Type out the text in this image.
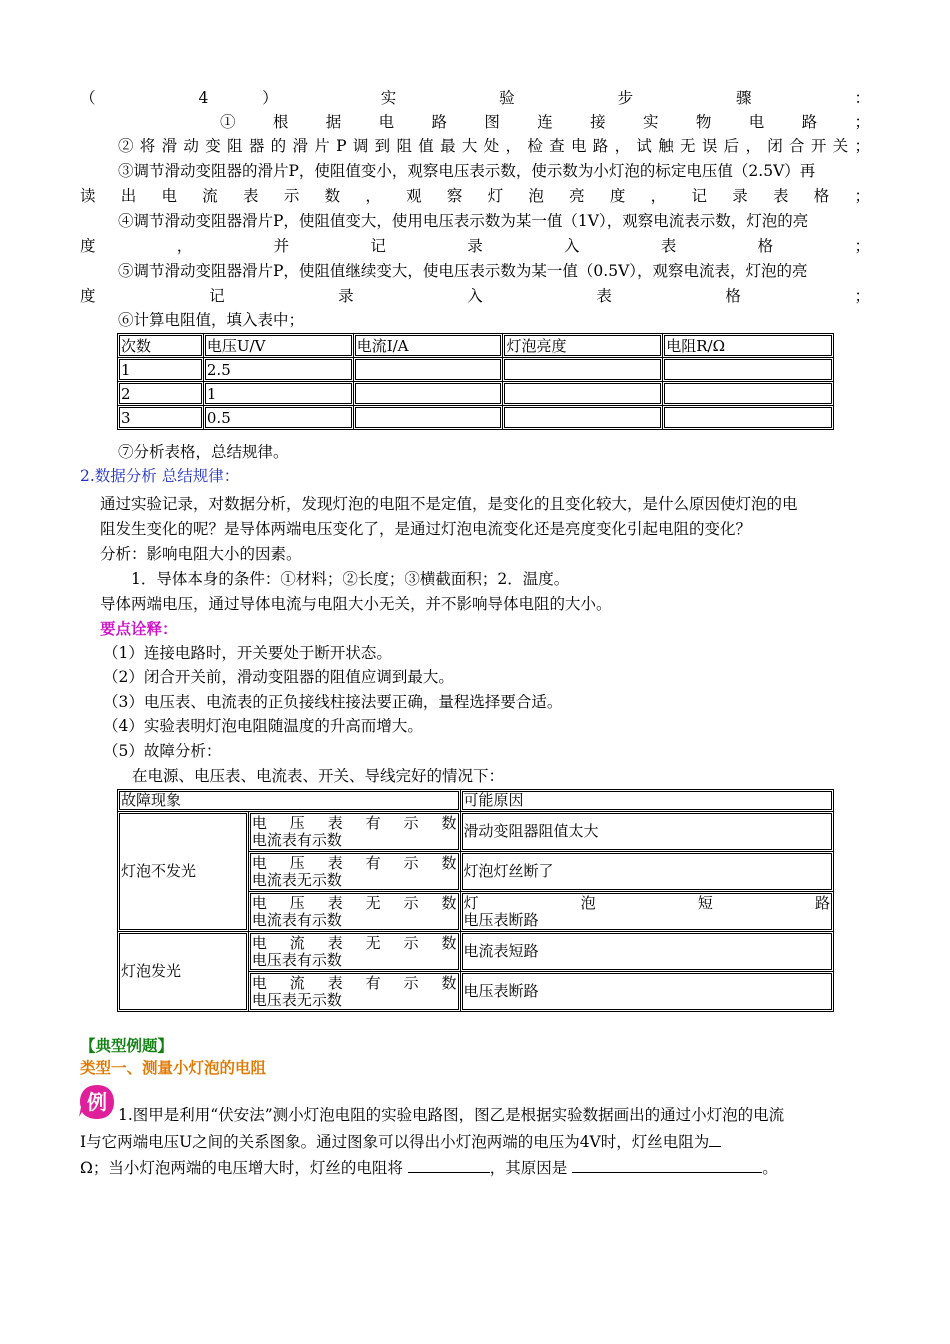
（ 4 ） 实 验 步 骤 ：
① 根 据 电 路 图 连 接 实 物 电 路 ；
②将滑动变阻器的滑片P调到阻值最大处，检查电路，试触无误后，闭合开关；
③调节滑动变阻器的滑片P，使阻值变小，观察电压表示数，使示数为小灯泡的标定电压值（2.5V）再
读 出 电 流 表 示 数 ， 观 察 灯 泡 亮 度 ， 记 录 表 格 ；
④调节滑动变阻器滑片P，使阻值变大，使用电压表示数为某一值（1V），观察电流表示数，灯泡的亮
度 ， 并 记 录 入 表 格 ；
⑤调节滑动变阻器滑片P，使阻值继续变大，使电压表示数为某一值（0.5V），观察电流表，灯泡的亮
度 记 录 入 表 格 ；
⑥计算电阻值，填入表中；
次数	电压U/V	电流I/A	灯泡亮度	电阻R/Ω
1	2.5			
2	1			
3	0.5			
⑦分析表格，总结规律。
2.数据分析 总结规律：
通过实验记录，对数据分析，发现灯泡的电阻不是定值，是变化的且变化较大，是什么原因使灯泡的电
阻发生变化的呢？是导体两端电压变化了，是通过灯泡电流变化还是亮度变化引起电阻的变化？
分析：影响电阻大小的因素。
1．导体本身的条件：①材料；②长度；③横截面积；2．温度。
导体两端电压，通过导体电流与电阻大小无关，并不影响导体电阻的大小。
要点诠释：
（1）连接电路时，开关要处于断开状态。
（2）闭合开关前，滑动变阻器的阻值应调到最大。
（3）电压表、电流表的正负接线柱接法要正确，量程选择要合适。
（4）实验表明灯泡电阻随温度的升高而增大。
（5）故障分析：
在电源、电压表、电流表、开关、导线完好的情况下：
故障现象		可能原因
灯泡不发光	电 压 表 有 示 数
电流表有示数	滑动变阻器阻值太大

	电 压 表 有 示 数
电流表无示数	灯泡灯丝断了

	电 压 表 无 示 数
电流表有示数	灯 泡 短 路
电压表断路

灯泡发光	电 流 表 无 示 数
电压表有示数	电流表短路

	电 流 表 有 示 数
电压表无示数	电压表断路
【典型例题】
类型一、测量小灯泡的电阻
例
1.图甲是利用“伏安法”测小灯泡电阻的实验电路图，图乙是根据实验数据画出的通过小灯泡的电流
I与它两端电压U之间的关系图象。通过图象可以得出小灯泡两端的电压为4V时，灯丝电阻为
Ω；当小灯泡两端的电压增大时，灯丝的电阻将	，其原因是	。
